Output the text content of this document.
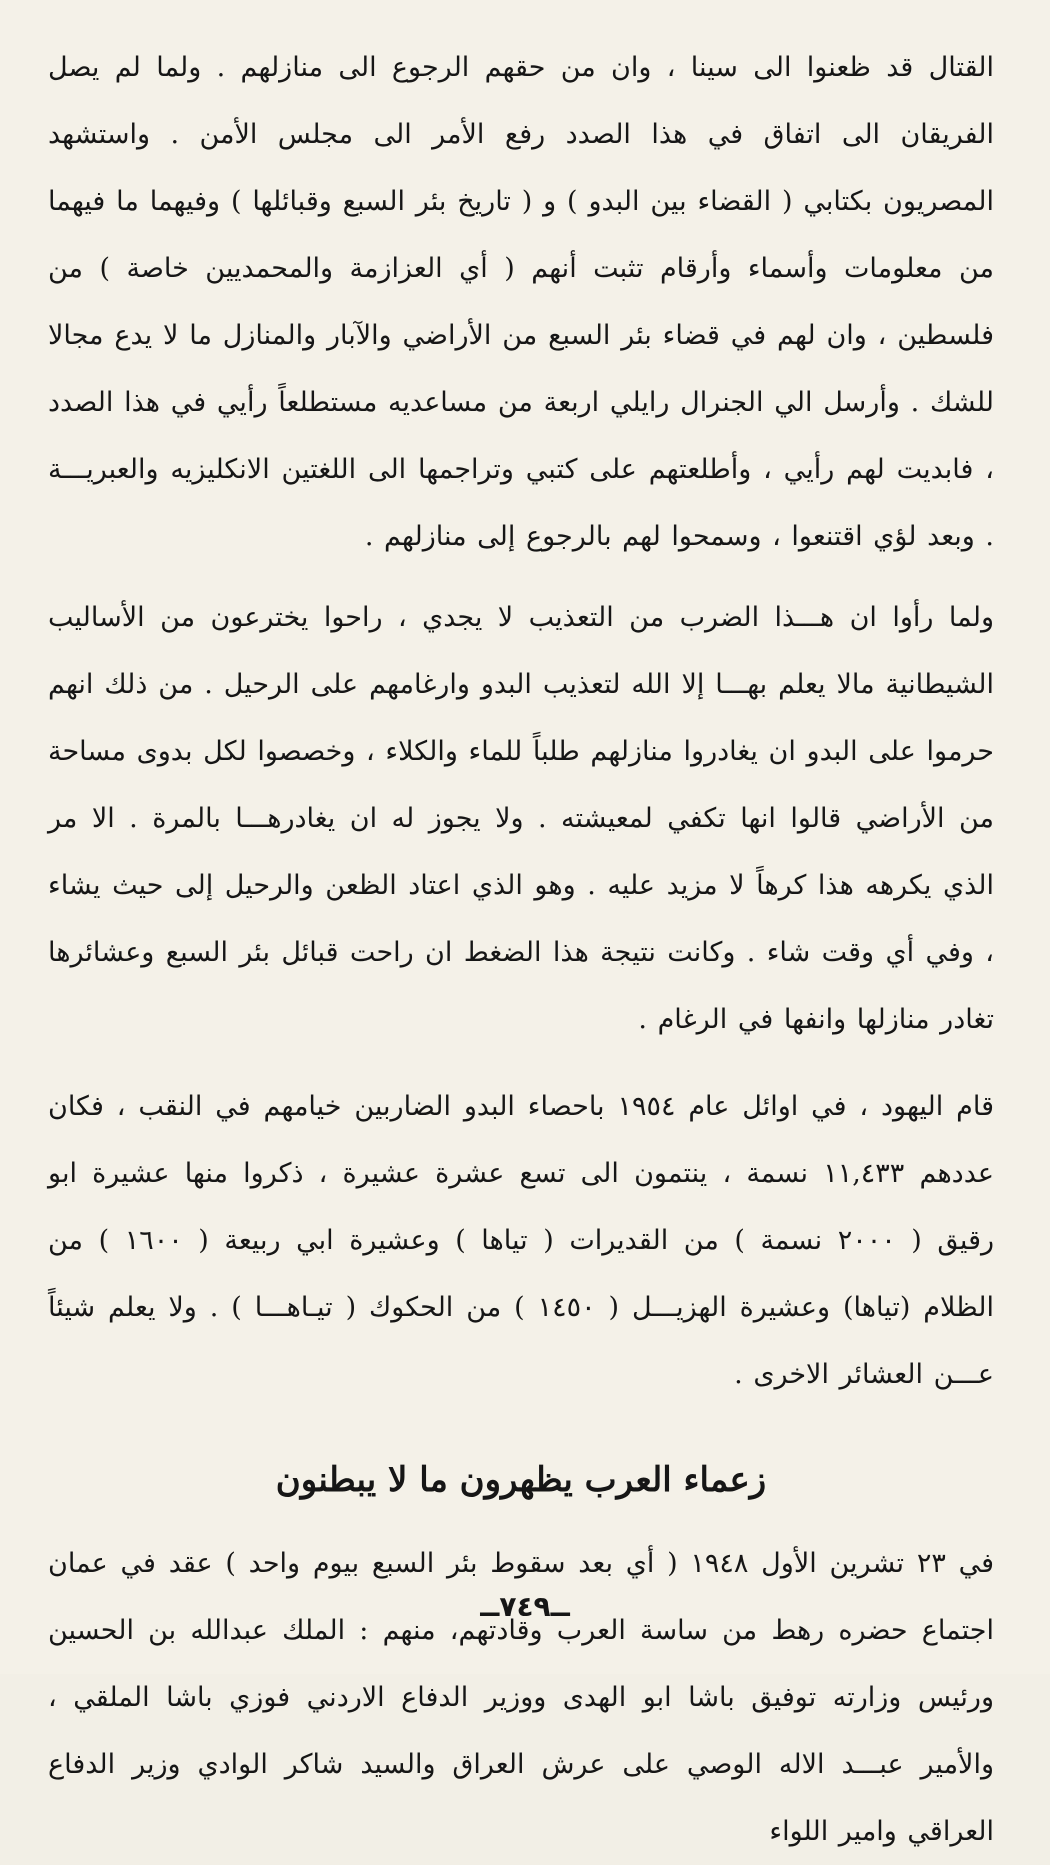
القتال قد ظعنوا الى سينا ، وان من حقهم الرجوع الى منازلهم . ولما لم يصل الفريقان الى اتفاق في هذا الصدد رفع الأمر الى مجلس الأمن . واستشهد المصريون بكتابي ( القضاء بين البدو ) و ( تاريخ بئر السبع وقبائلها ) وفيهما ما فيهما من معلومات وأسماء وأرقام تثبت أنهم ( أي العزازمة والمحمديين خاصة ) من فلسطين ، وان لهم في قضاء بئر السبع من الأراضي والآبار والمنازل ما لا يدع مجالا للشك . وأرسل الي الجنرال رايلي اربعة من مساعديه مستطلعاً رأيي في هذا الصدد ، فابديت لهم رأيي ، وأطلعتهم على كتبي وتراجمها الى اللغتين الانكليزيه والعبريـــة . وبعد لؤي اقتنعوا ، وسمحوا لهم بالرجوع إلى منازلهم .

ولما رأوا ان هـــذا الضرب من التعذيب لا يجدي ، راحوا يخترعون من الأساليب الشيطانية مالا يعلم بهـــا إلا الله لتعذيب البدو وارغامهم على الرحيل . من ذلك انهم حرموا على البدو ان يغادروا منازلهم طلباً للماء والكلاء ، وخصصوا لكل بدوى مساحة من الأراضي قالوا انها تكفي لمعيشته . ولا يجوز له ان يغادرهـــا بالمرة . الا مر الذي يكرهه هذا كرهاً لا مزيد عليه . وهو الذي اعتاد الظعن والرحيل إلى حيث يشاء ، وفي أي وقت شاء . وكانت نتيجة هذا الضغط ان راحت قبائل بئر السبع وعشائرها تغادر منازلها وانفها في الرغام .

قام اليهود ، في اوائل عام ١٩٥٤ باحصاء البدو الضاربين خيامهم في النقب ، فكان عددهم ١١,٤٣٣ نسمة ، ينتمون الى تسع عشرة عشيرة ، ذكروا منها عشيرة ابو رقيق ( ٢٠٠٠ نسمة ) من القديرات ( تياها ) وعشيرة ابي ربيعة ( ١٦٠٠ ) من الظلام (تياها) وعشيرة الهزيـــل ( ١٤٥٠ ) من الحكوك ( تيـاهـــا ) . ولا يعلم شيئاً عـــن العشائر الاخرى .

زعماء العرب يظهرون ما لا يبطنون

في ٢٣ تشرين الأول ١٩٤٨ ( أي بعد سقوط بئر السبع بيوم واحد ) عقد في عمان اجتماع حضره رهط من ساسة العرب وقادتهم، منهم : الملك عبدالله بن الحسين ورئيس وزارته توفيق باشا ابو الهدى ووزير الدفاع الاردني فوزي باشا الملقي ، والأمير عبـــد الاله الوصي على عرش العراق والسيد شاكر الوادي وزير الدفاع العراقي وامير اللواء

ــ٧٤٩ــ
